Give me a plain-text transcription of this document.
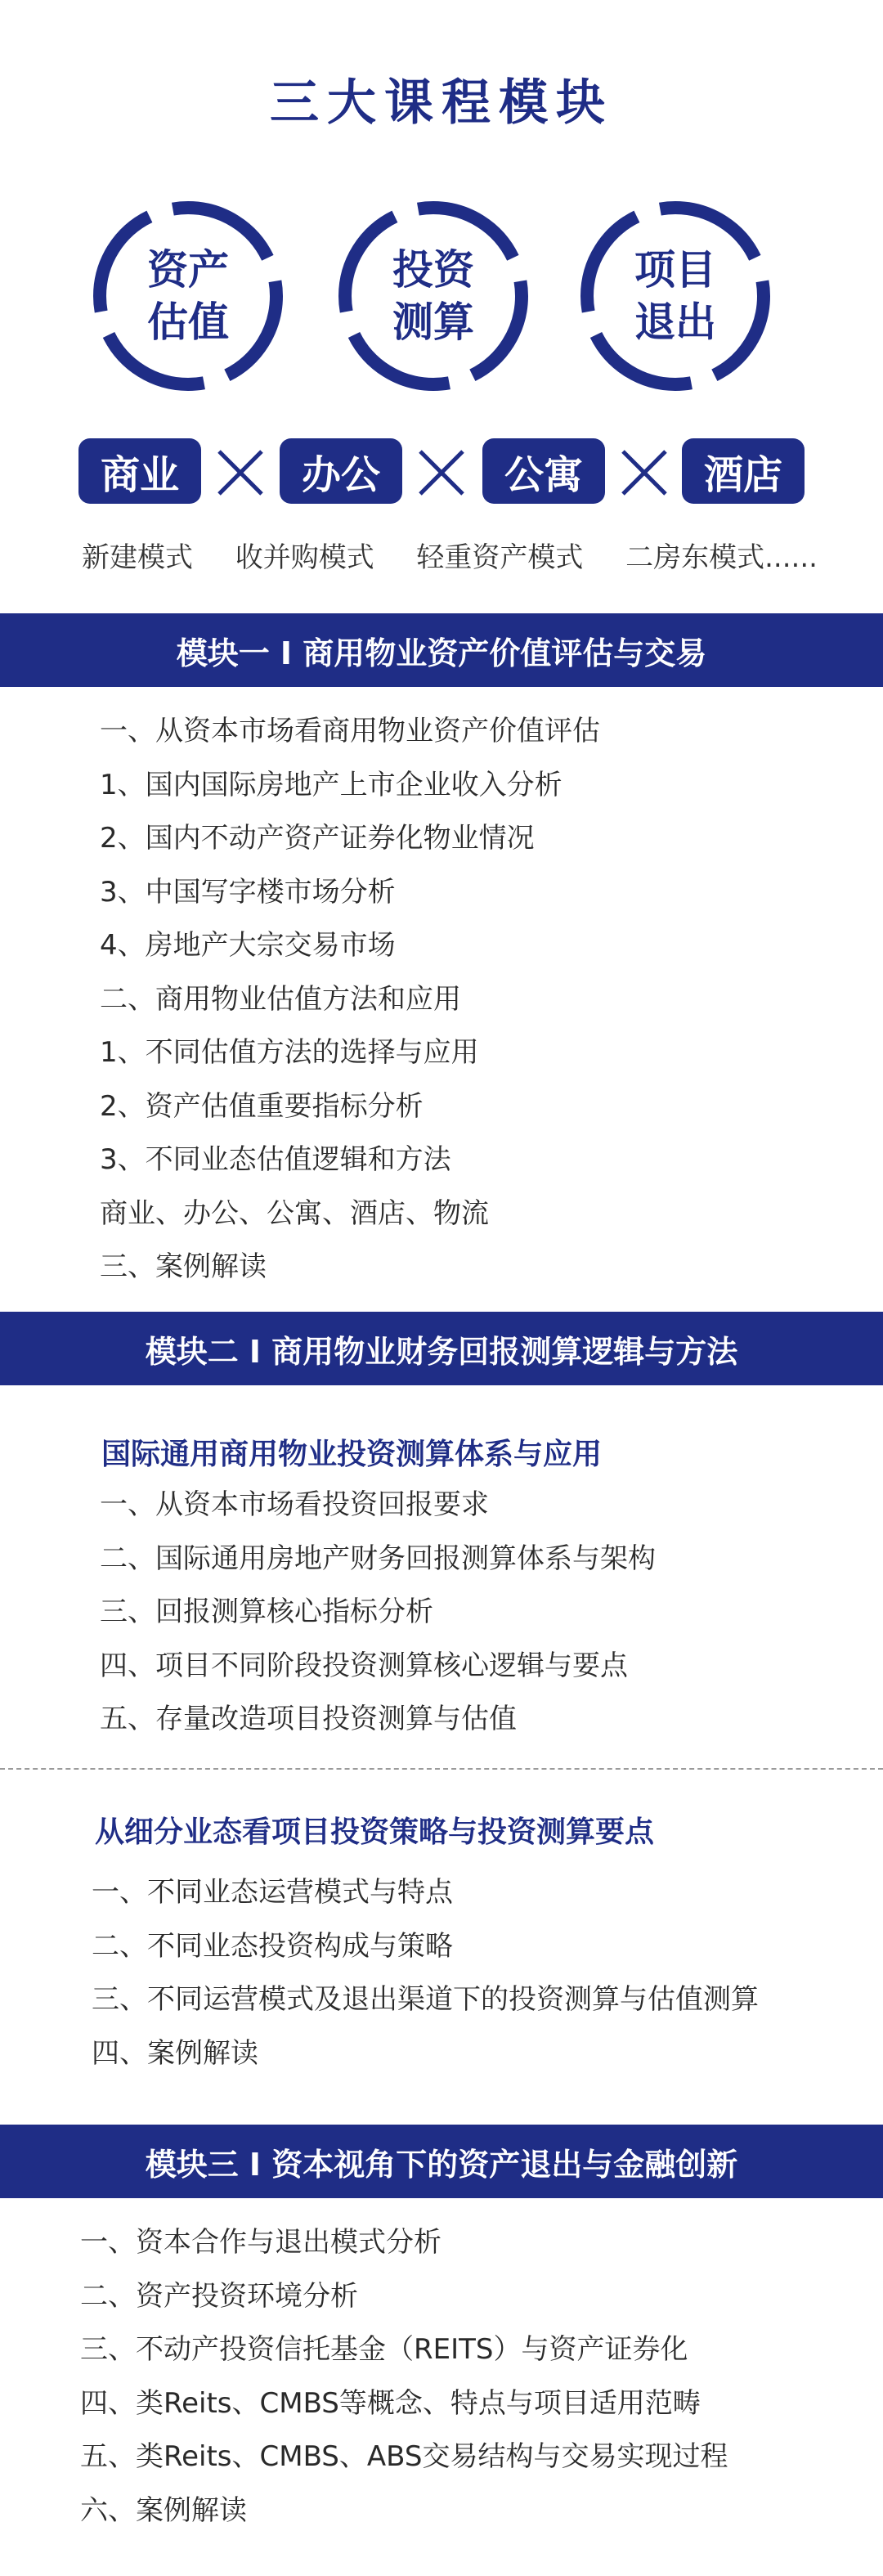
三大课程模块
资产
估值
投资
测算
项目
退出
商业	办公	公寓	酒店
新建模式 收并购模式 轻重资产模式 二房东模式......
模块一 I 商用物业资产价值评估与交易
一、从资本市场看商用物业资产价值评估
1、国内国际房地产上市企业收入分析
2、国内不动产资产证券化物业情况
3、中国写字楼市场分析
4、房地产大宗交易市场
二、商用物业估值方法和应用
1、不同估值方法的选择与应用
2、资产估值重要指标分析
3、不同业态估值逻辑和方法
商业、办公、公寓、酒店、物流
三、案例解读
模块二 I 商用物业财务回报测算逻辑与方法
国际通用商用物业投资测算体系与应用
一、从资本市场看投资回报要求
二、国际通用房地产财务回报测算体系与架构
三、回报测算核心指标分析
四、项目不同阶段投资测算核心逻辑与要点
五、存量改造项目投资测算与估值
从细分业态看项目投资策略与投资测算要点
一、不同业态运营模式与特点
二、不同业态投资构成与策略
三、不同运营模式及退出渠道下的投资测算与估值测算
四、案例解读
模块三 I 资本视角下的资产退出与金融创新
一、资本合作与退出模式分析
二、资产投资环境分析
三、不动产投资信托基金（REITS）与资产证券化
四、类Reits、CMBS等概念、特点与项目适用范畴
五、类Reits、CMBS、ABS交易结构与交易实现过程
六、案例解读
